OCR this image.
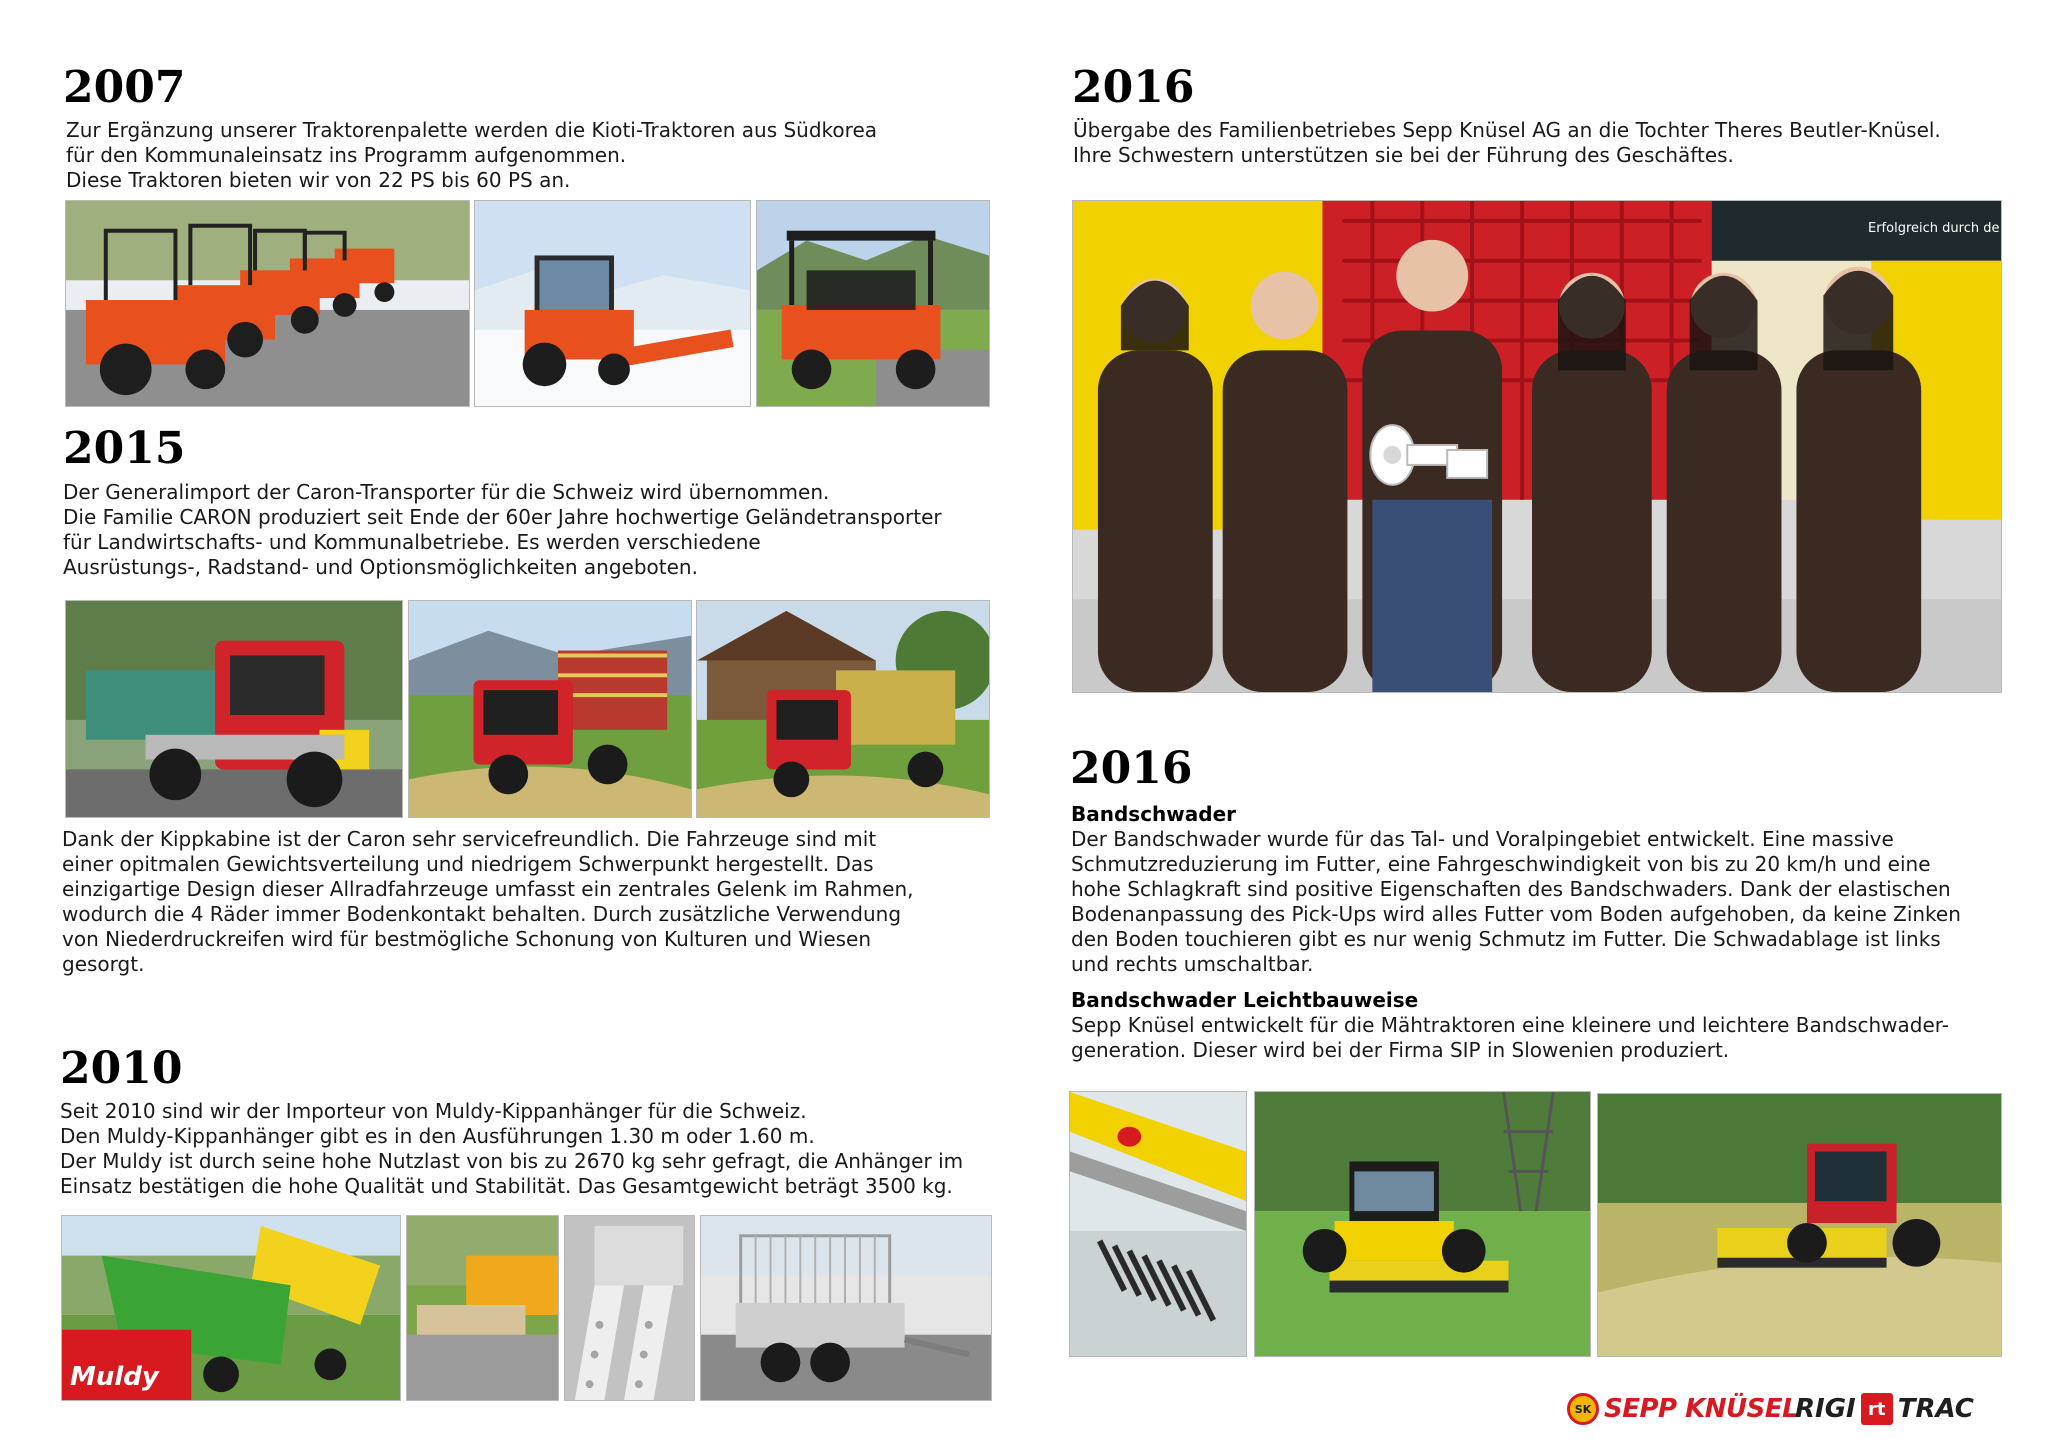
2007

Zur Ergänzung unserer Traktorenpalette werden die Kioti-Traktoren aus Südkorea
für den Kommunaleinsatz ins Programm aufgenommen.
Diese Traktoren bieten wir von 22 PS bis 60 PS an.

2015

Der Generalimport der Caron-Transporter für die Schweiz wird übernommen.
Die Familie CARON produziert seit Ende der 60er Jahre hochwertige Geländetransporter
für Landwirtschafts- und Kommunalbetriebe. Es werden verschiedene
Ausrüstungs-, Radstand- und Optionsmöglichkeiten angeboten.

Dank der Kippkabine ist der Caron sehr servicefreundlich. Die Fahrzeuge sind mit
einer opitmalen Gewichtsverteilung und niedrigem Schwerpunkt hergestellt. Das
einzigartige Design dieser Allradfahrzeuge umfasst ein zentrales Gelenk im Rahmen,
wodurch die 4 Räder immer Bodenkontakt behalten. Durch zusätzliche Verwendung
von Niederdruckreifen wird für bestmögliche Schonung von Kulturen und Wiesen
gesorgt.

2010

Seit 2010 sind wir der Importeur von Muldy-Kippanhänger für die Schweiz.
Den Muldy-Kippanhänger gibt es in den Ausführungen 1.30 m oder 1.60 m.
Der Muldy ist durch seine hohe Nutzlast von bis zu 2670 kg sehr gefragt, die Anhänger im
Einsatz bestätigen die hohe Qualität und Stabilität. Das Gesamtgewicht beträgt 3500 kg.

Muldy
2016

Übergabe des Familienbetriebes Sepp Knüsel AG an die Tochter Theres Beutler-Knüsel.
Ihre Schwestern unterstützen sie bei der Führung des Geschäftes.

Erfolgreich durch de
2016

Bandschwader

Der Bandschwader wurde für das Tal- und Voralpingebiet entwickelt. Eine massive
Schmutzreduzierung im Futter, eine Fahrgeschwindigkeit von bis zu 20 km/h und eine
hohe Schlagkraft sind positive Eigenschaften des Bandschwaders. Dank der elastischen
Bodenanpassung des Pick-Ups wird alles Futter vom Boden aufgehoben, da keine Zinken
den Boden touchieren gibt es nur wenig Schmutz im Futter. Die Schwadablage ist links
und rechts umschaltbar.

Bandschwader Leichtbauweise

Sepp Knüsel entwickelt für die Mähtraktoren eine kleinere und leichtere Bandschwader-
generation. Dieser wird bei der Firma SIP in Slowenien produziert.

SK SEPP KNÜSEL
RIGI rt TRAC
